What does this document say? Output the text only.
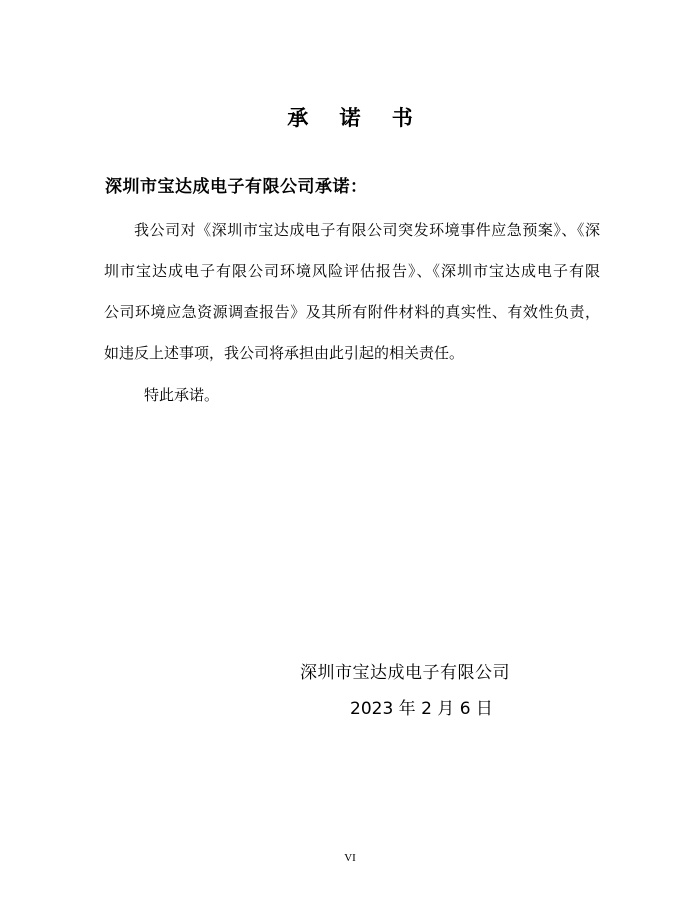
承 诺 书
深圳市宝达成电子有限公司承诺：
我公司对《深圳市宝达成电子有限公司突发环境事件应急预案》、《深
圳市宝达成电子有限公司环境风险评估报告》、《深圳市宝达成电子有限
公司环境应急资源调查报告》及其所有附件材料的真实性、有效性负责，
如违反上述事项，我公司将承担由此引起的相关责任。
特此承诺。
深圳市宝达成电子有限公司
2023 年 2 月 6 日
VI
